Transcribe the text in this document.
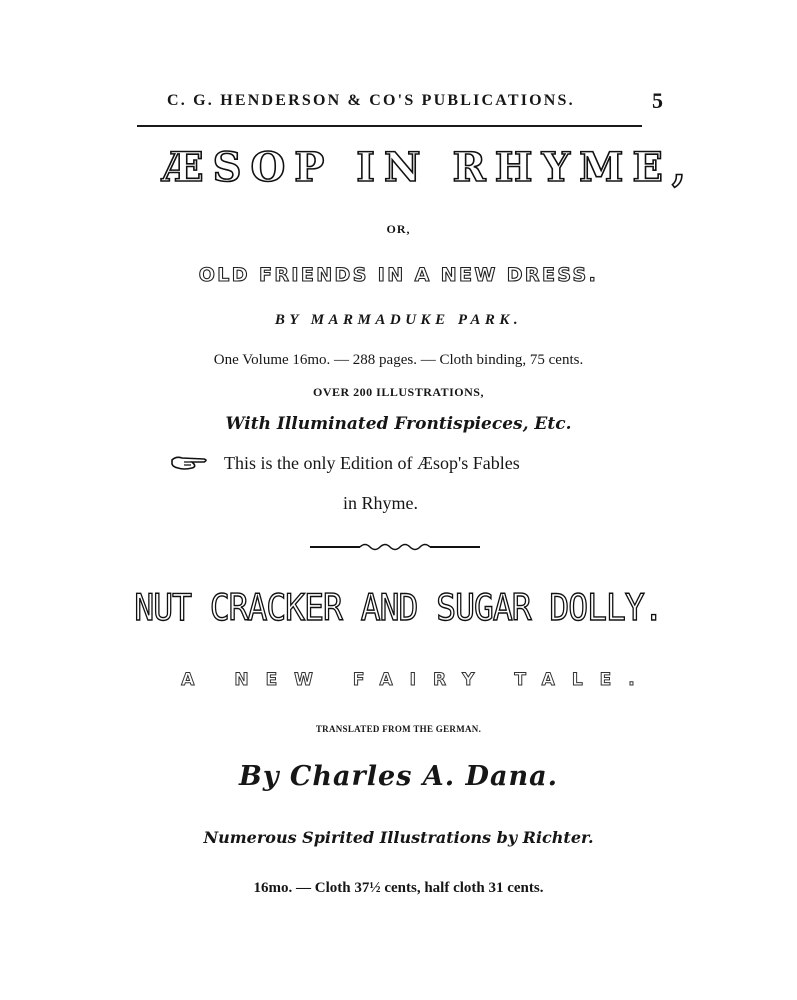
C. G. HENDERSON & CO'S PUBLICATIONS.	5
ÆSOP IN RHYME,
OR,
OLD FRIENDS IN A NEW DRESS.
BY MARMADUKE PARK.
One Volume 16mo. — 288 pages. — Cloth binding, 75 cents.
OVER 200 ILLUSTRATIONS,
With Illuminated Frontispieces, Etc.
This is the only Edition of Æsop's Fables
in Rhyme.
NUT CRACKER AND SUGAR DOLLY.
A NEW FAIRY TALE.
TRANSLATED FROM THE GERMAN.
By Charles A. Dana.
Numerous Spirited Illustrations by Richter.
16mo. — Cloth 37½ cents, half cloth 31 cents.
